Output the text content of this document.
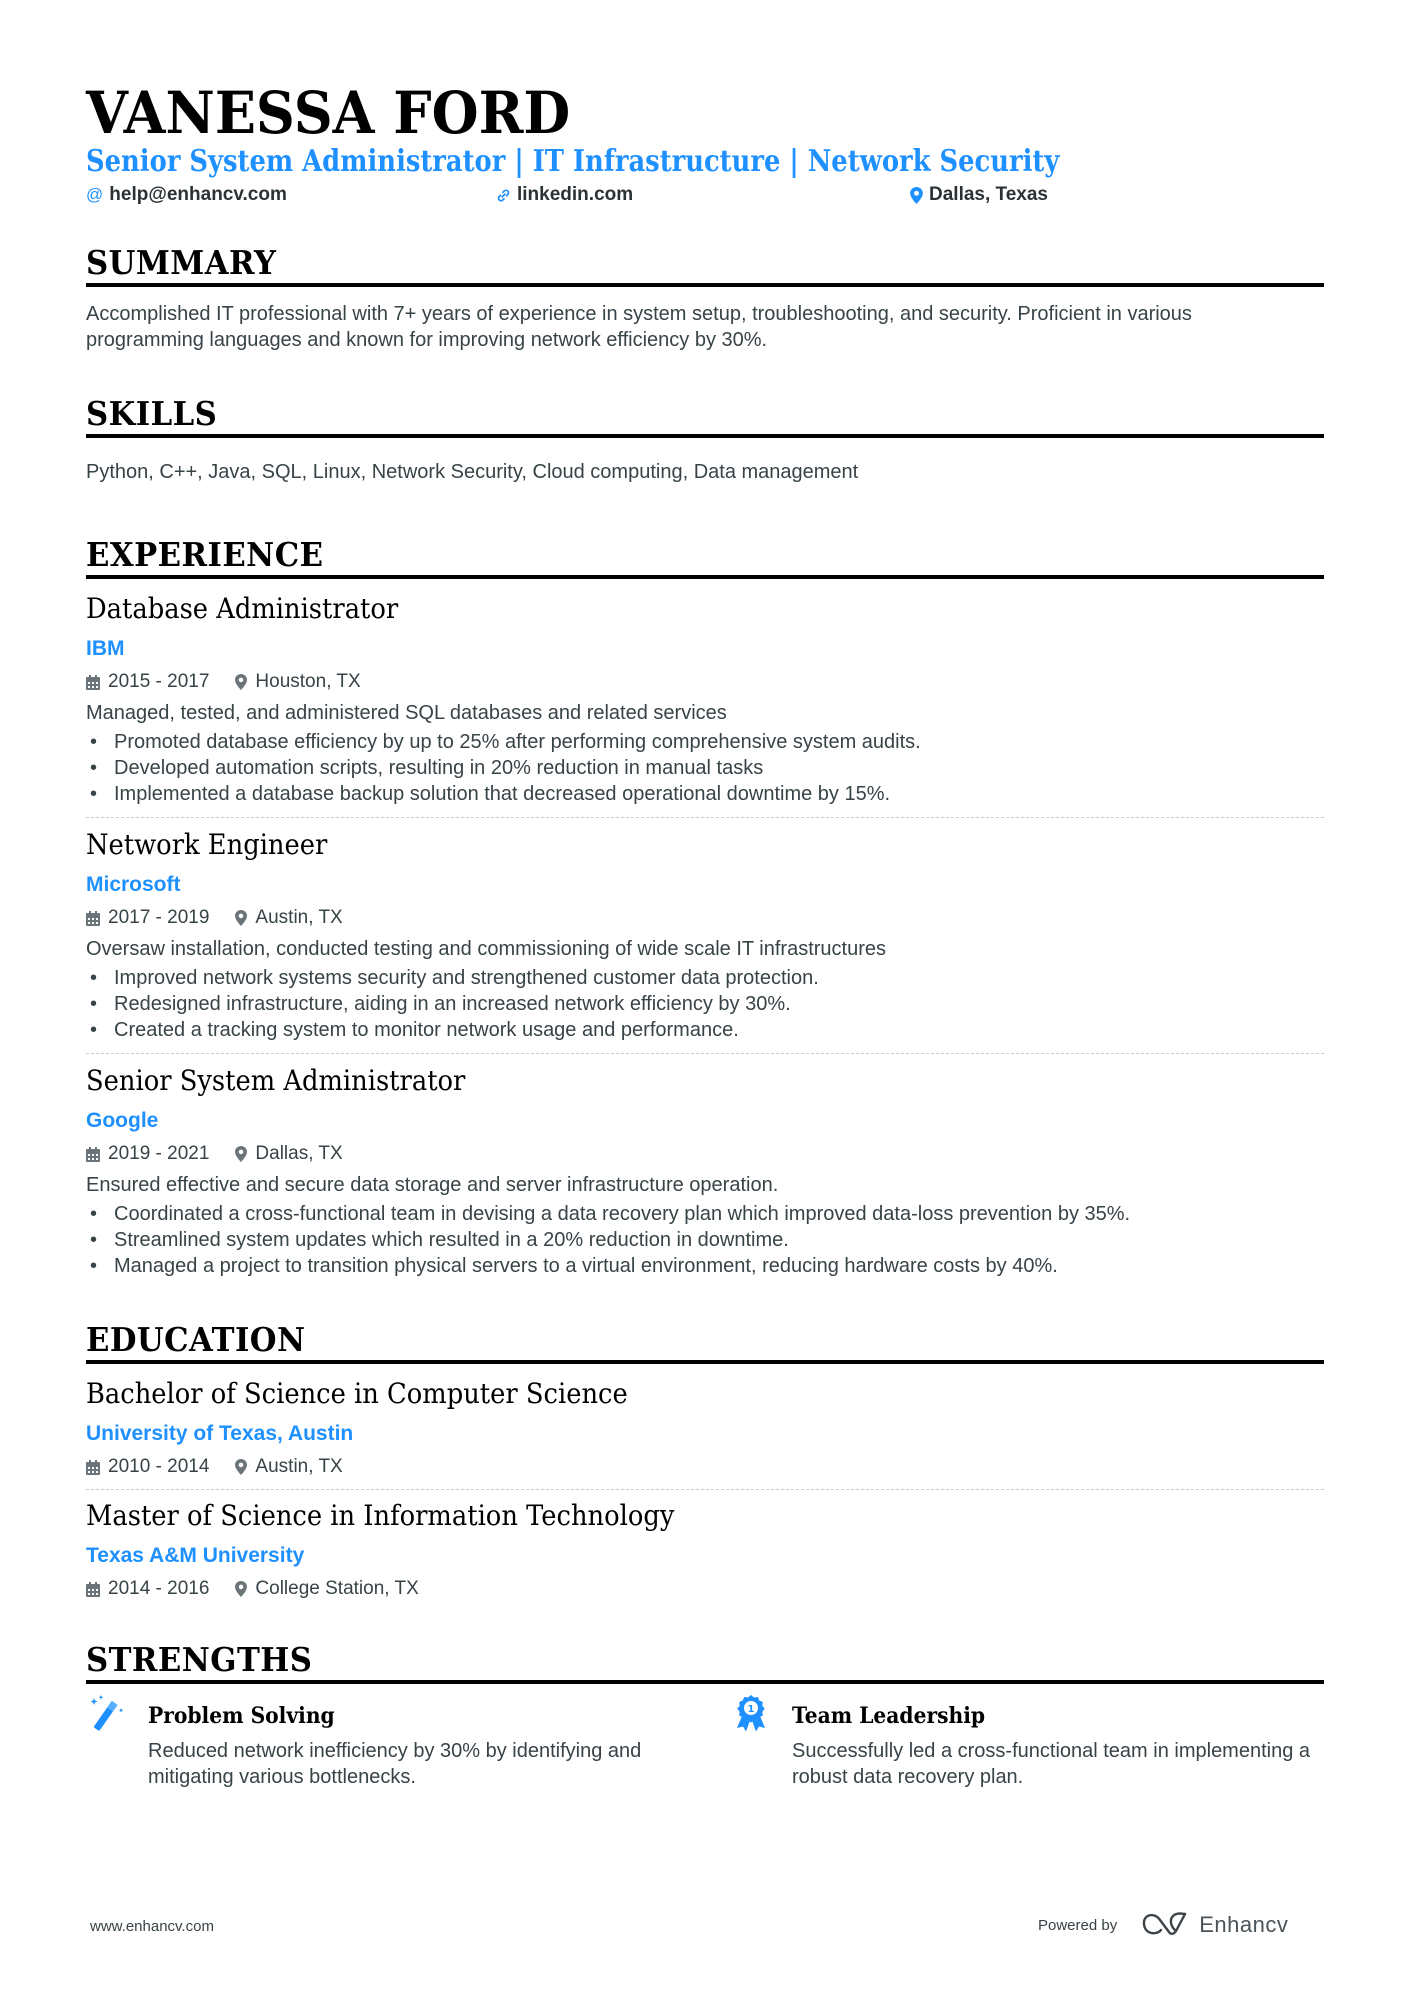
VANESSA FORD
Senior System Administrator | IT Infrastructure | Network Security
@ help@enhancv.com	linkedin.com	Dallas, Texas
SUMMARY
Accomplished IT professional with 7+ years of experience in system setup, troubleshooting, and security. Proficient in various programming languages and known for improving network efficiency by 30%.
SKILLS
Python, C++, Java, SQL, Linux, Network Security, Cloud computing, Data management
EXPERIENCE
Database Administrator
IBM
2015 - 2017 Houston, TX
Managed, tested, and administered SQL databases and related services
• Promoted database efficiency by up to 25% after performing comprehensive system audits.
• Developed automation scripts, resulting in 20% reduction in manual tasks
• Implemented a database backup solution that decreased operational downtime by 15%.
Network Engineer
Microsoft
2017 - 2019 Austin, TX
Oversaw installation, conducted testing and commissioning of wide scale IT infrastructures
• Improved network systems security and strengthened customer data protection.
• Redesigned infrastructure, aiding in an increased network efficiency by 30%.
• Created a tracking system to monitor network usage and performance.
Senior System Administrator
Google
2019 - 2021 Dallas, TX
Ensured effective and secure data storage and server infrastructure operation.
• Coordinated a cross-functional team in devising a data recovery plan which improved data-loss prevention by 35%.
• Streamlined system updates which resulted in a 20% reduction in downtime.
• Managed a project to transition physical servers to a virtual environment, reducing hardware costs by 40%.
EDUCATION
Bachelor of Science in Computer Science
University of Texas, Austin
2010 - 2014 Austin, TX
Master of Science in Information Technology
Texas A&M University
2014 - 2016 College Station, TX
STRENGTHS
Problem Solving
Reduced network inefficiency by 30% by identifying and mitigating various bottlenecks.
1 Team Leadership
Successfully led a cross-functional team in implementing a robust data recovery plan.
www.enhancv.com	Powered by	Enhancv
